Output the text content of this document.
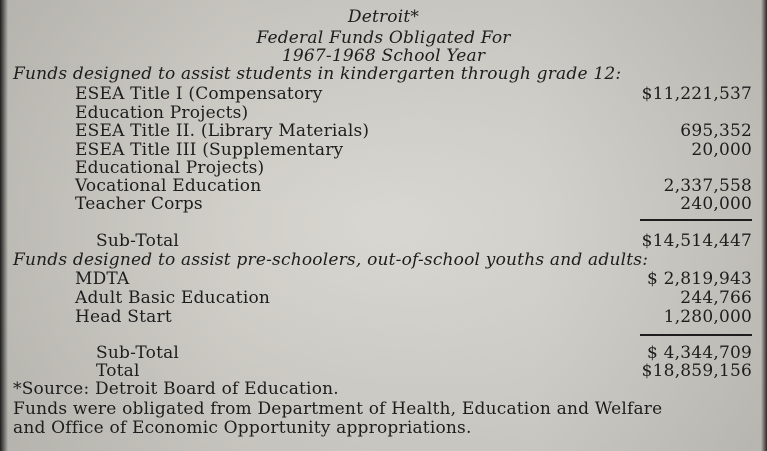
Detroit*
Federal Funds Obligated For
1967-1968 School Year
Funds designed to assist students in kindergarten through grade 12:
ESEA Title I (Compensatory	$11,221,537
Education Projects)
ESEA Title II. (Library Materials)	695,352
ESEA Title III (Supplementary	20,000
Educational Projects)
Vocational Education	2,337,558
Teacher Corps	240,000
Sub-Total	$14,514,447
Funds designed to assist pre-schoolers, out-of-school youths and adults:
MDTA	$ 2,819,943
Adult Basic Education	244,766
Head Start	1,280,000
Sub-Total	$ 4,344,709
Total	$18,859,156
*Source: Detroit Board of Education.
Funds were obligated from Department of Health, Education and Welfare
and Office of Economic Opportunity appropriations.
